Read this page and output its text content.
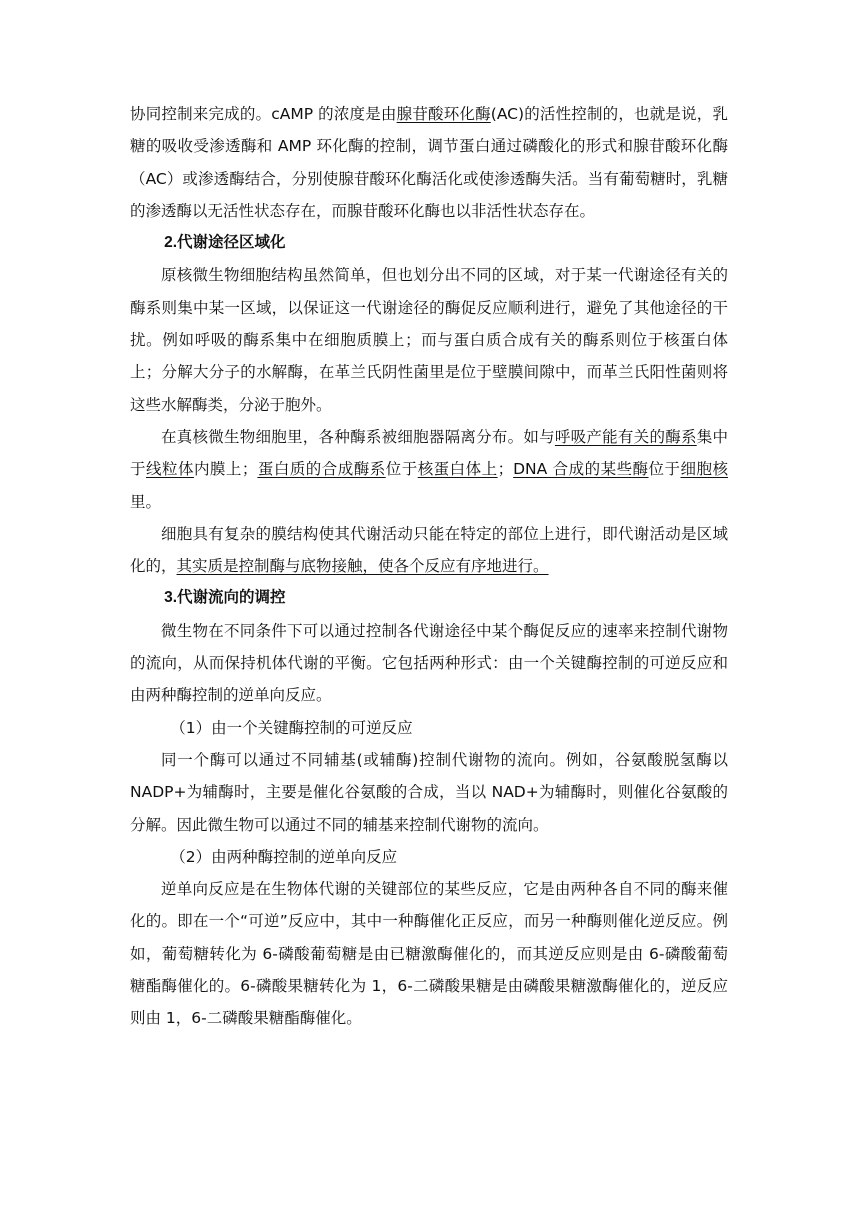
协同控制来完成的。cAMP 的浓度是由腺苷酸环化酶(AC)的活性控制的，也就是说，乳糖的吸收受渗透酶和 AMP 环化酶的控制，调节蛋白通过磷酸化的形式和腺苷酸环化酶（AC）或渗透酶结合，分别使腺苷酸环化酶活化或使渗透酶失活。当有葡萄糖时，乳糖的渗透酶以无活性状态存在，而腺苷酸环化酶也以非活性状态存在。

2.代谢途径区域化

原核微生物细胞结构虽然简单，但也划分出不同的区域，对于某一代谢途径有关的酶系则集中某一区域，以保证这一代谢途径的酶促反应顺利进行，避免了其他途径的干扰。例如呼吸的酶系集中在细胞质膜上；而与蛋白质合成有关的酶系则位于核蛋白体上；分解大分子的水解酶，在革兰氏阴性菌里是位于壁膜间隙中，而革兰氏阳性菌则将这些水解酶类，分泌于胞外。

在真核微生物细胞里，各种酶系被细胞器隔离分布。如与呼吸产能有关的酶系集中于线粒体内膜上；蛋白质的合成酶系位于核蛋白体上；DNA 合成的某些酶位于细胞核里。

细胞具有复杂的膜结构使其代谢活动只能在特定的部位上进行，即代谢活动是区域化的，其实质是控制酶与底物接触，使各个反应有序地进行。

3.代谢流向的调控

微生物在不同条件下可以通过控制各代谢途径中某个酶促反应的速率来控制代谢物的流向，从而保持机体代谢的平衡。它包括两种形式：由一个关键酶控制的可逆反应和由两种酶控制的逆单向反应。

（1）由一个关键酶控制的可逆反应

同一个酶可以通过不同辅基(或辅酶)控制代谢物的流向。例如，谷氨酸脱氢酶以 NADP+为辅酶时，主要是催化谷氨酸的合成，当以 NAD+为辅酶时，则催化谷氨酸的分解。因此微生物可以通过不同的辅基来控制代谢物的流向。

（2）由两种酶控制的逆单向反应

逆单向反应是在生物体代谢的关键部位的某些反应，它是由两种各自不同的酶来催化的。即在一个“可逆”反应中，其中一种酶催化正反应，而另一种酶则催化逆反应。例如，葡萄糖转化为 6-磷酸葡萄糖是由已糖激酶催化的，而其逆反应则是由 6-磷酸葡萄糖酯酶催化的。6-磷酸果糖转化为 1，6-二磷酸果糖是由磷酸果糖激酶催化的，逆反应则由 1，6-二磷酸果糖酯酶催化。
